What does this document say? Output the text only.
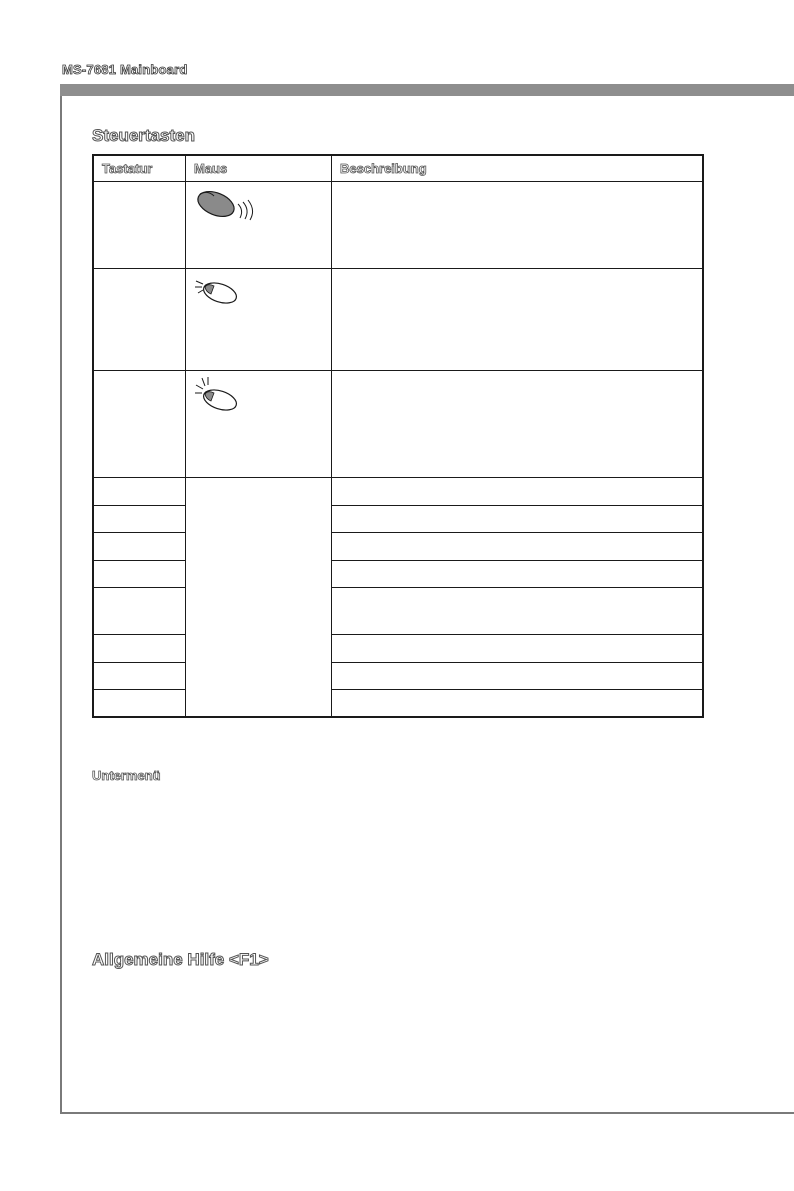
MS-7681 Mainboard
Steuertasten
Tastatur	Maus	Beschreibung
Untermenü
Allgemeine Hilfe <F1>
